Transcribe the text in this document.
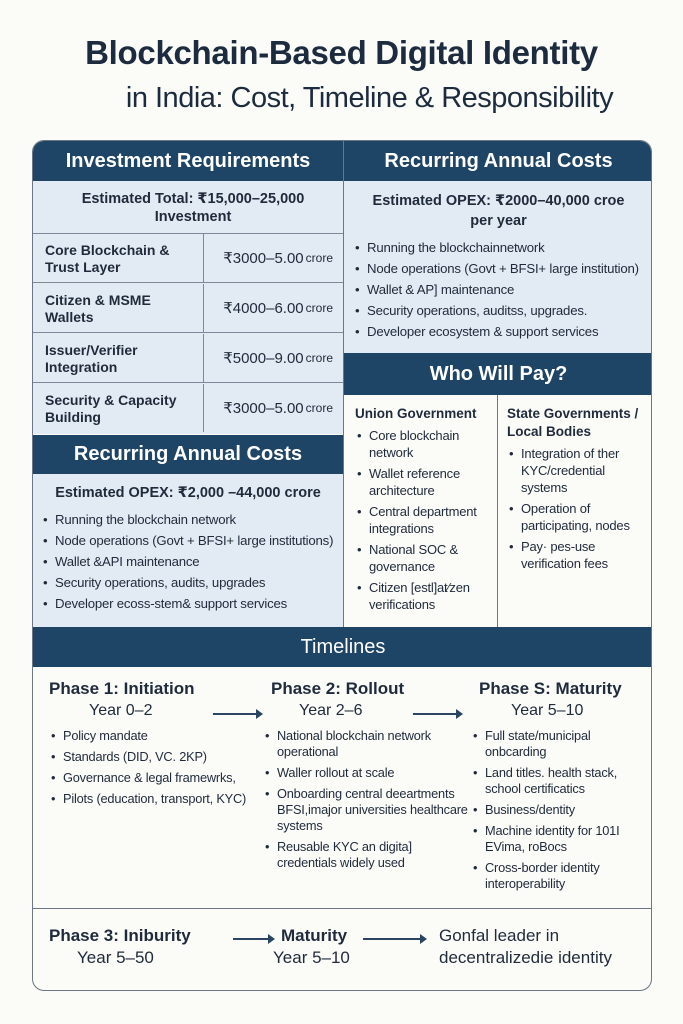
Blockchain-Based Digital Identity
in India: Cost, Timeline & Responsibility
Investment Requirements
Estimated Total: ₹15,000–25,000
Investment
Core Blockchain & Trust Layer	₹3000–5.00 crore
Citizen & MSME Wallets	₹4000–6.00 crore
Issuer/Verifier Integration	₹5000–9.00 crore
Security & Capacity Building	₹3000–5.00 crore
Recurring Annual Costs
Estimated OPEX: ₹2000–40,000 croe
per year
• Running the blockchainnetwork
• Node operations (Govt + BFSI+ large institution)
• Wallet & AP] maintenance
• Security operations, auditss, upgrades.
• Developer ecosystem & support services
Recurring Annual Costs
Estimated OPEX: ₹2,000 –44,000 crore
• Running the blockchain network
• Node operations (Govt + BFSI+ large institutions)
• Wallet &API maintenance
• Security operations, audits, upgrades
• Developer ecoss-stem& support services
Who Will Pay?
Union Government
• Core blockchain network
• Wallet reference architecture
• Central department integrations
• National SOC & governance
• Citizen [estl]at⁄zen verifications
State Governments / Local Bodies
• Integration of ther KYC/credential systems
• Operation of participating, nodes
• Pay· pes-use verification fees
Timelines
Phase 1: Initiation
Year 0–2
• Policy mandate
• Standards (DID, VC. 2KP)
• Governance & legal framewrks,
• Pilots (education, transport, KYC)
Phase 2: Rollout
Year 2–6
• National blockchain network operational
• Waller rollout at scale
• Onboarding central deeartments BFSI,imajor universities healthcare systems
• Reusable KYC an digita] credentials widely used
Phase S: Maturity
Year 5–10
• Full state/municipal onbcarding
• Land titles. health stack, school certificatics
• Business/dentity
• Machine identity for 101I EVima, roBocs
• Cross-border identity interoperability
Phase 3: Iniburity
Year 5–50
Maturity
Year 5–10
Gonfal leader in
decentralizedie identity
